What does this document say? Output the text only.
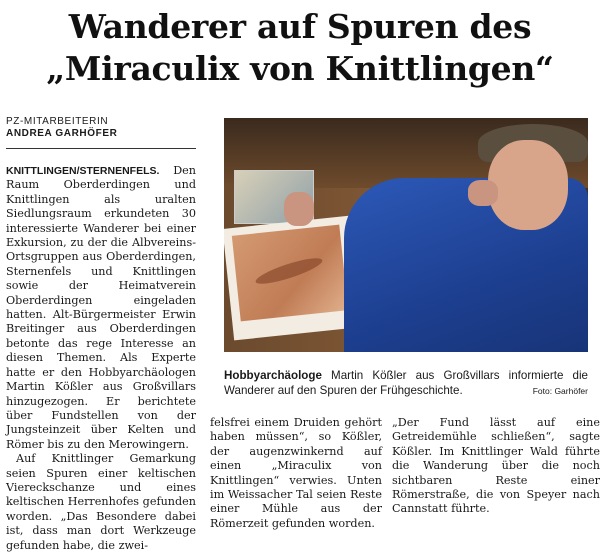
Wanderer auf Spuren des
„Miraculix von Knittlingen“
PZ-MITARBEITERIN
ANDREA GARHÖFER

KNITTLINGEN/STERNENFELS. Den Raum Oberderdingen und Knittlingen als uralten Siedlungsraum erkundeten 30 interessierte Wanderer bei einer Exkursion, zu der die Albvereins-Ortsgruppen aus Oberderdingen, Sternenfels und Knittlingen sowie der Heimatverein Oberderdingen eingeladen hatten. Alt-Bürgermeister Erwin Breitinger aus Oberderdingen betonte das rege Interesse an diesen Themen. Als Experte hatte er den Hobbyarchäologen Martin Kößler aus Großvillars hinzugezogen. Er berichtete über Fundstellen von der Jungsteinzeit über Kelten und Römer bis zu den Merowingern.

Auf Knittlinger Gemarkung seien Spuren einer keltischen Viereckschanze und eines keltischen Herrenhofes gefunden worden. „Das Besondere dabei ist, dass man dort Werkzeuge gefunden habe, die zwei-

Hobbyarchäologe Martin Kößler aus Großvillars informierte die Wanderer auf den Spuren der Frühgeschichte.	Foto: Garhöfer

felsfrei einem Druiden gehört haben müssen“, so Kößler, der augenzwinkernd auf einen „Miraculix von Knittlingen“ verwies. Unten im Weissacher Tal seien Reste einer Mühle aus der Römerzeit gefunden worden.

„Der Fund lässt auf eine Getreidemühle schließen“, sagte Kößler. Im Knittlinger Wald führte die Wanderung über die noch sichtbaren Reste einer Römerstraße, die von Speyer nach Cannstatt führte.
